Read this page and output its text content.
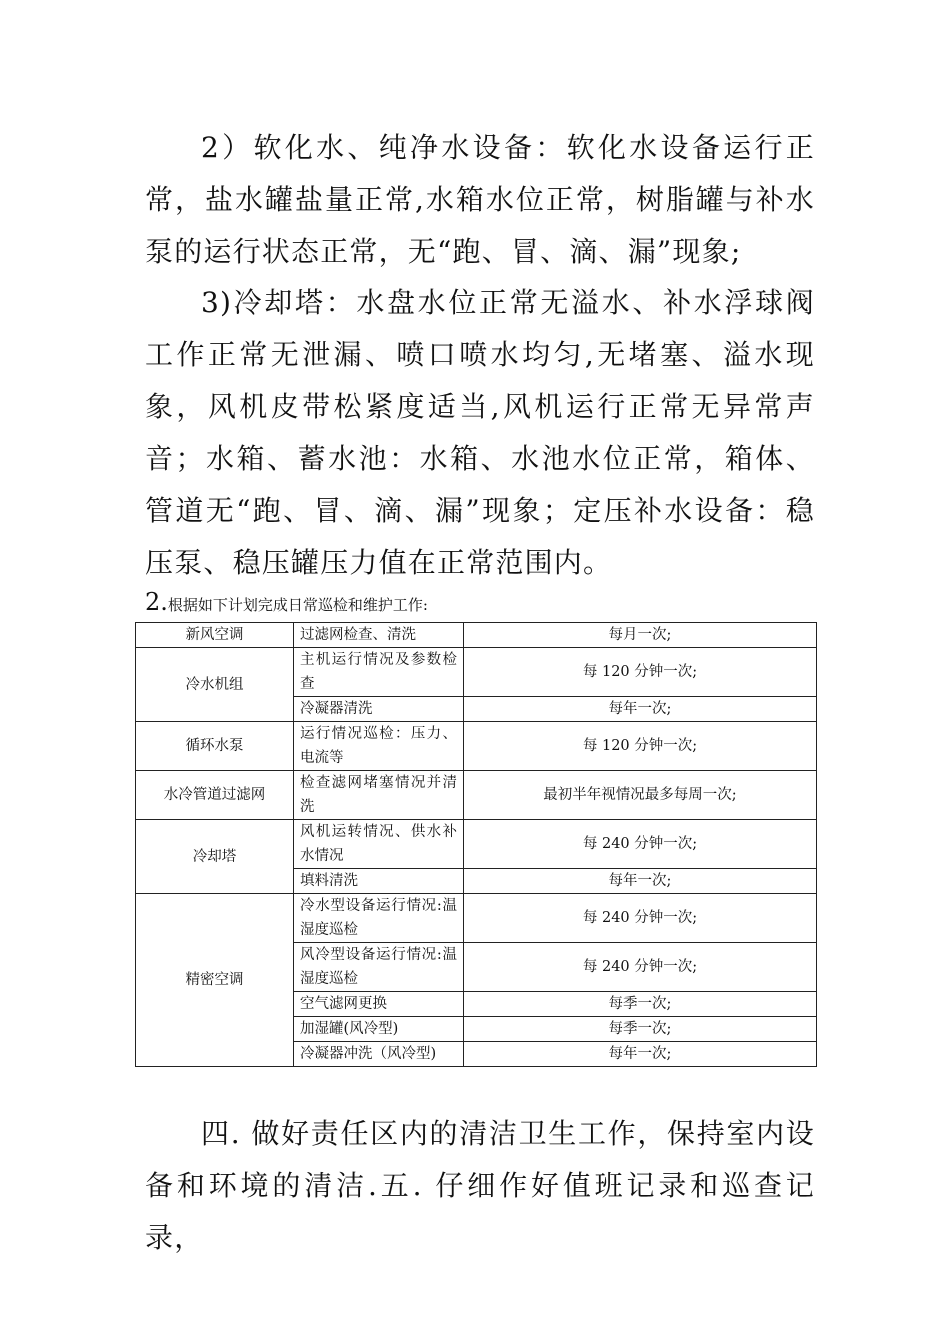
2）软化水、纯净水设备：软化水设备运行正常，盐水罐盐量正常,水箱水位正常，树脂罐与补水泵的运行状态正常，无“跑、冒、滴、漏”现象;

3)冷却塔：水盘水位正常无溢水、补水浮球阀工作正常无泄漏、喷口喷水均匀,无堵塞、溢水现象，风机皮带松紧度适当,风机运行正常无异常声音；水箱、蓄水池：水箱、水池水位正常，箱体、管道无“跑、冒、滴、漏”现象；定压补水设备：稳压泵、稳压罐压力值在正常范围内。

2.根据如下计划完成日常巡检和维护工作:
新风空调	过滤网检查、清洗	每月一次;
冷水机组	主机运行情况及参数检查	每 120 分钟一次;
	冷凝器清洗	每年一次;
循环水泵	运行情况巡检：压力、电流等	每 120 分钟一次;
水冷管道过滤网	检查滤网堵塞情况并清洗	最初半年视情况最多每周一次;
冷却塔	风机运转情况、供水补水情况	每 240 分钟一次;
	填料清洗	每年一次;
精密空调	冷水型设备运行情况:温湿度巡检	每 240 分钟一次;
	风冷型设备运行情况:温湿度巡检	每 240 分钟一次;
	空气滤网更换	每季一次;
	加湿罐(风冷型)	每季一次;
	冷凝器冲洗（风冷型)	每年一次;

四. 做好责任区内的清洁卫生工作，保持室内设备和环境的清洁.五. 仔细作好值班记录和巡查记录，
